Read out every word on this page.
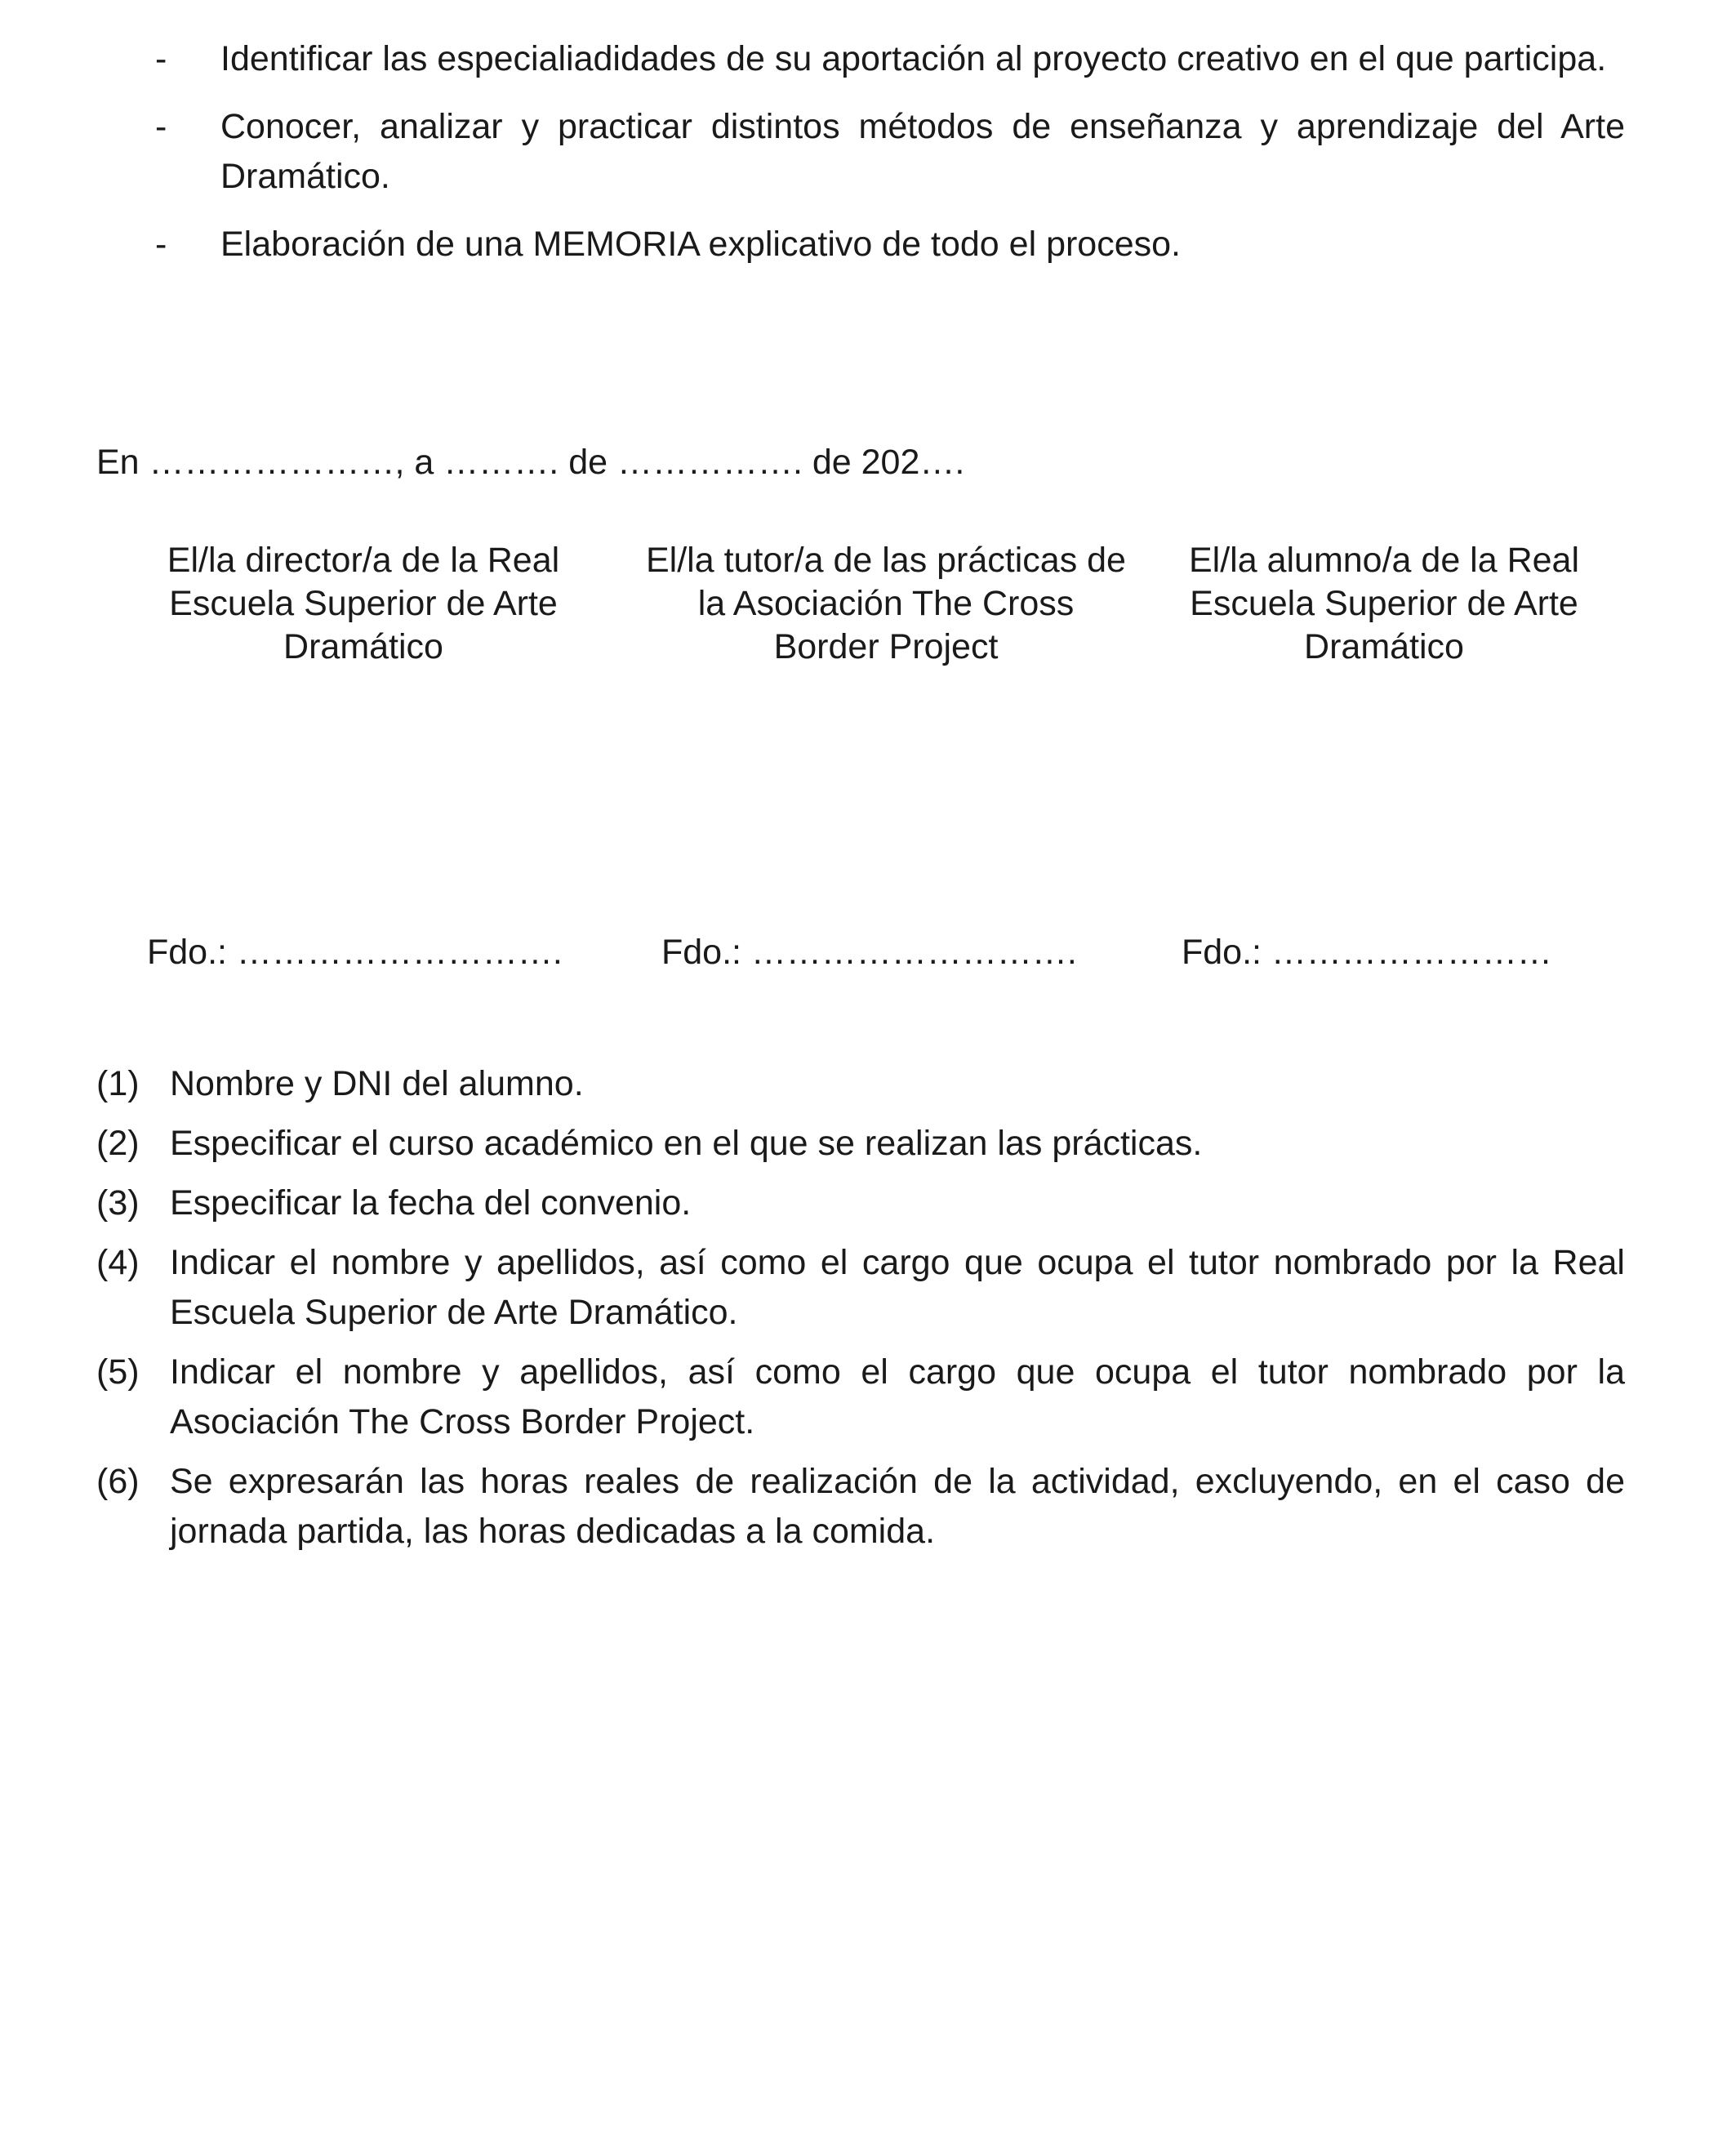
- Identificar las especialiadidades de su aportación al proyecto creativo en el que participa.
- Conocer, analizar y practicar distintos métodos de enseñanza y aprendizaje del Arte Dramático.
- Elaboración de una MEMORIA explicativo de todo el proceso.
En …………………, a ………. de ……………. de 202….
El/la director/a de la Real Escuela Superior de Arte Dramático
El/la tutor/a de las prácticas de la Asociación The Cross Border Project
El/la alumno/a de la Real Escuela Superior de Arte Dramático
Fdo.: ……………………….	Fdo.: ……………………….	Fdo.: ……………………
(1) Nombre y DNI del alumno.
(2) Especificar el curso académico en el que se realizan las prácticas.
(3) Especificar la fecha del convenio.
(4) Indicar el nombre y apellidos, así como el cargo que ocupa el tutor nombrado por la Real Escuela Superior de Arte Dramático.
(5) Indicar el nombre y apellidos, así como el cargo que ocupa el tutor nombrado por la Asociación The Cross Border Project.
(6) Se expresarán las horas reales de realización de la actividad, excluyendo, en el caso de jornada partida, las horas dedicadas a la comida.
